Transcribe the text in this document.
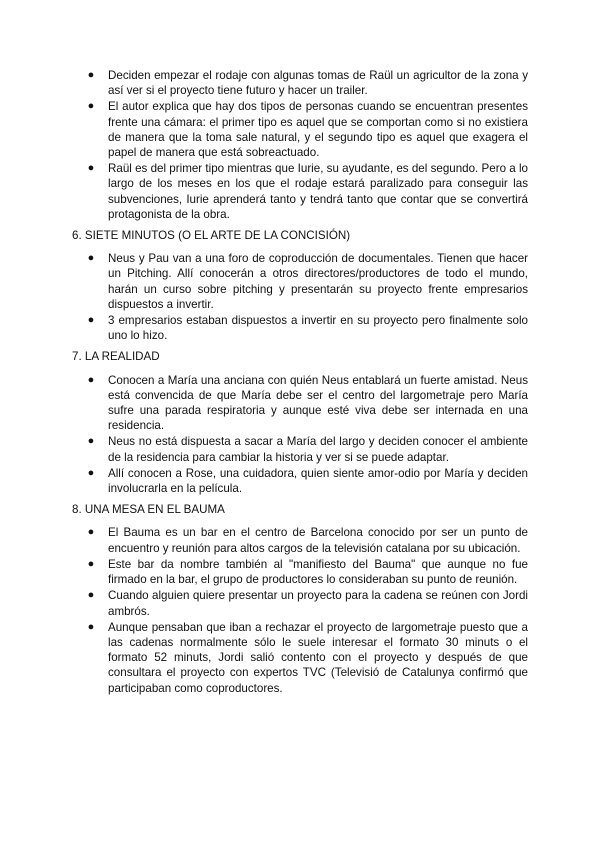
● Deciden empezar el rodaje con algunas tomas de Raül un agricultor de la zona y así ver si el proyecto tiene futuro y hacer un trailer.
● El autor explica que hay dos tipos de personas cuando se encuentran presentes frente una cámara: el primer tipo es aquel que se comportan como si no existiera de manera que la toma sale natural, y el segundo tipo es aquel que exagera el papel de manera que está sobreactuado.
● Raül es del primer tipo mientras que Iurie, su ayudante, es del segundo. Pero a lo largo de los meses en los que el rodaje estará paralizado para conseguir las subvenciones, Iurie aprenderá tanto y tendrá tanto que contar que se convertirá protagonista de la obra.
6. SIETE MINUTOS (O EL ARTE DE LA CONCISIÓN)
● Neus y Pau van a una foro de coproducción de documentales. Tienen que hacer un Pitching. Allí conocerán a otros directores/productores de todo el mundo, harán un curso sobre pitching y presentarán su proyecto frente empresarios dispuestos a invertir.
● 3 empresarios estaban dispuestos a invertir en su proyecto pero finalmente solo uno lo hizo.
7. LA REALIDAD
● Conocen a María una anciana con quién Neus entablará un fuerte amistad. Neus está convencida de que María debe ser el centro del largometraje pero María sufre una parada respiratoria y aunque esté viva debe ser internada en una residencia.
● Neus no está dispuesta a sacar a María del largo y deciden conocer el ambiente de la residencia para cambiar la historia y ver si se puede adaptar.
● Allí conocen a Rose, una cuidadora, quien siente amor-odio por María y deciden involucrarla en la película.
8. UNA MESA EN EL BAUMA
● El Bauma es un bar en el centro de Barcelona conocido por ser un punto de encuentro y reunión para altos cargos de la televisión catalana por su ubicación.
● Este bar da nombre también al "manifiesto del Bauma" que aunque no fue firmado en la bar, el grupo de productores lo consideraban su punto de reunión.
● Cuando alguien quiere presentar un proyecto para la cadena se reúnen con Jordi ambrós.
● Aunque pensaban que iban a rechazar el proyecto de largometraje puesto que a las cadenas normalmente sólo le suele interesar el formato 30 minuts o el formato 52 minuts, Jordi salió contento con el proyecto y después de que consultara el proyecto con expertos TVC (Televisió de Catalunya confirmó que participaban como coproductores.
